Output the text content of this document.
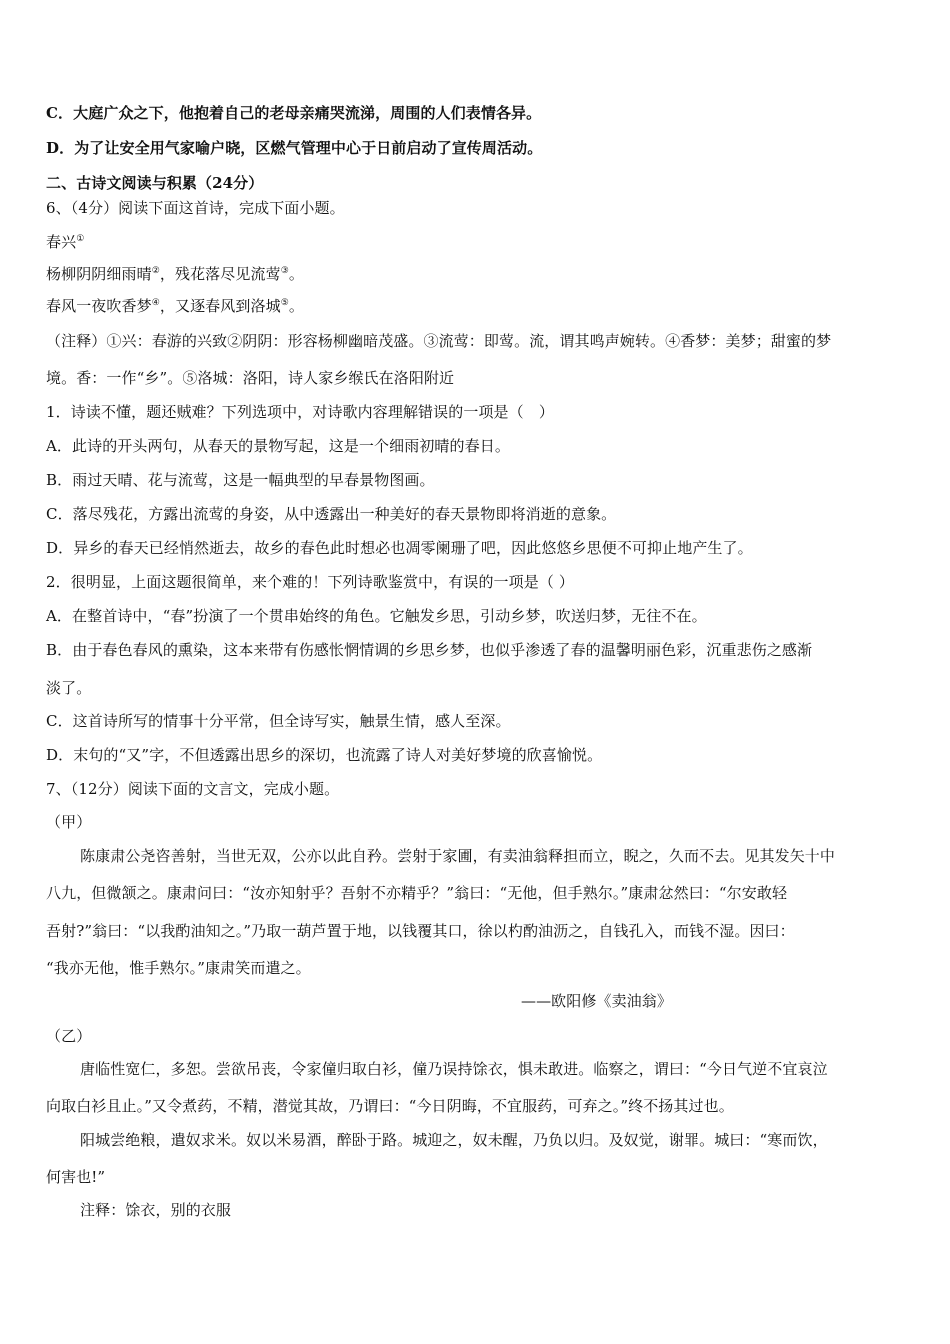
C．大庭广众之下，他抱着自己的老母亲痛哭流涕，周围的人们表情各异。
D．为了让安全用气家喻户晓，区燃气管理中心于日前启动了宣传周活动。
二、古诗文阅读与积累（24分）
6、（4分）阅读下面这首诗，完成下面小题。
春兴①
杨柳阴阴细雨晴②，残花落尽见流莺③。
春风一夜吹香梦④，又逐春风到洛城⑤。
（注释）①兴：春游的兴致②阴阴：形容杨柳幽暗茂盛。③流莺：即莺。流，谓其鸣声婉转。④香梦：美梦；甜蜜的梦
境。香：一作“乡”。⑤洛城：洛阳，诗人家乡缑氏在洛阳附近
1．诗读不懂，题还贼难？下列选项中，对诗歌内容理解错误的一项是（　）
A．此诗的开头两句，从春天的景物写起，这是一个细雨初晴的春日。
B．雨过天晴、花与流莺，这是一幅典型的早春景物图画。
C．落尽残花，方露出流莺的身姿，从中透露出一种美好的春天景物即将消逝的意象。
D．异乡的春天已经悄然逝去，故乡的春色此时想必也凋零阑珊了吧，因此悠悠乡思便不可抑止地产生了。
2．很明显，上面这题很简单，来个难的！下列诗歌鉴赏中，有误的一项是（ ）
A．在整首诗中，“春”扮演了一个贯串始终的角色。它触发乡思，引动乡梦，吹送归梦，无往不在。
B．由于春色春风的熏染，这本来带有伤感怅惘情调的乡思乡梦，也似乎渗透了春的温馨明丽色彩，沉重悲伤之感渐
淡了。
C．这首诗所写的情事十分平常，但全诗写实，触景生情，感人至深。
D．末句的“又”字，不但透露出思乡的深切，也流露了诗人对美好梦境的欣喜愉悦。
7、（12分）阅读下面的文言文，完成小题。
（甲）
陈康肃公尧咨善射，当世无双，公亦以此自矜。尝射于家圃，有卖油翁释担而立，睨之，久而不去。见其发矢十中
八九，但微颔之。康肃问曰：“汝亦知射乎？吾射不亦精乎？”翁曰：“无他，但手熟尔。”康肃忿然曰：“尔安敢轻
吾射?”翁曰：“以我酌油知之。”乃取一葫芦置于地，以钱覆其口，徐以杓酌油沥之，自钱孔入，而钱不湿。因曰：
“我亦无他，惟手熟尔。”康肃笑而遣之。
——欧阳修《卖油翁》
（乙）
唐临性宽仁，多恕。尝欲吊丧，令家僮归取白衫，僮乃误持馀衣，惧未敢进。临察之，谓曰：“今日气逆不宜哀泣
向取白衫且止。”又令煮药，不精，潜觉其故，乃谓曰：“今日阴晦，不宜服药，可弃之。”终不扬其过也。
阳城尝绝粮，遣奴求米。奴以米易酒，醉卧于路。城迎之，奴未醒，乃负以归。及奴觉，谢罪。城曰：“寒而饮，
何害也!”
注释：馀衣，别的衣服
